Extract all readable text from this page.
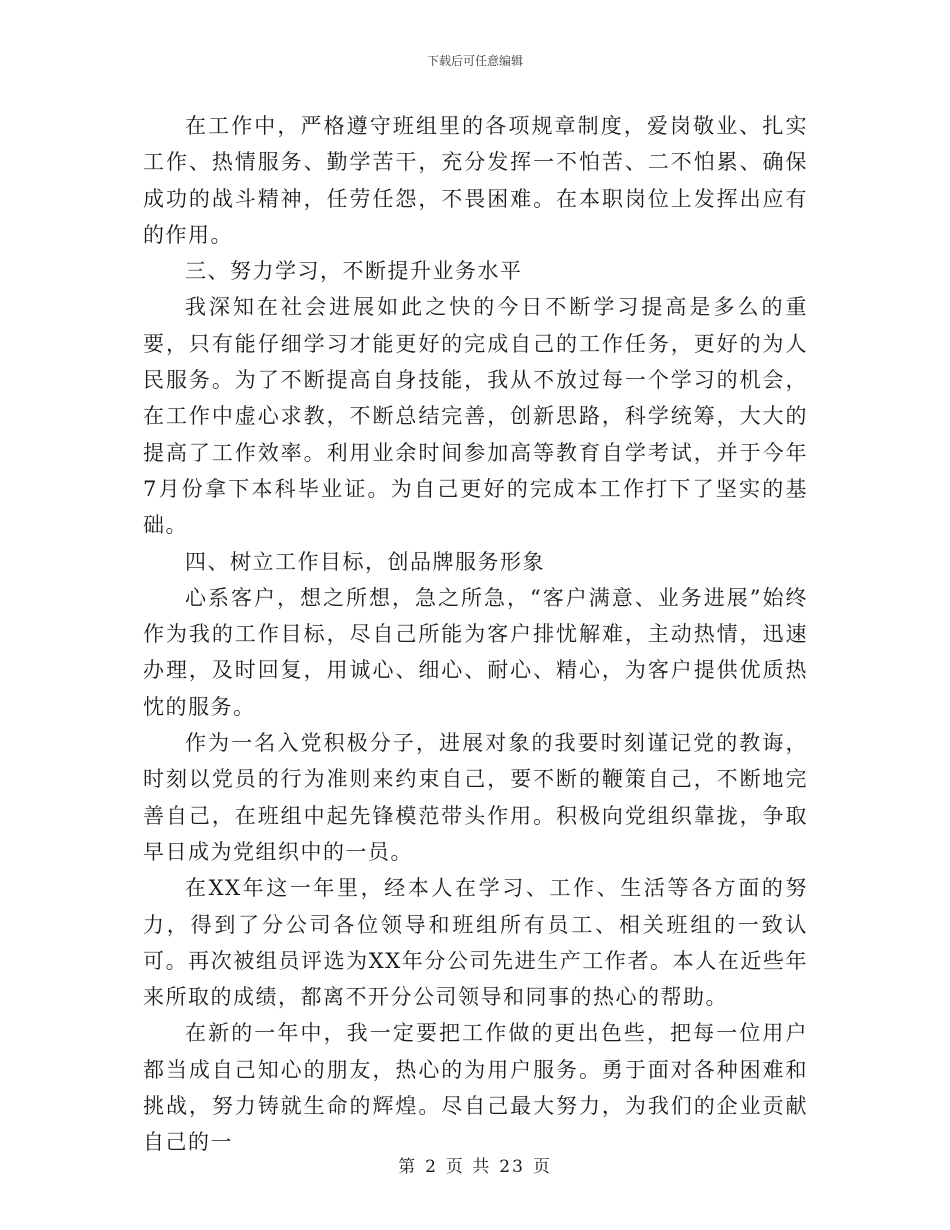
下载后可任意编辑

在工作中，严格遵守班组里的各项规章制度，爱岗敬业、扎实工作、热情服务、勤学苦干，充分发挥一不怕苦、二不怕累、确保成功的战斗精神，任劳任怨，不畏困难。在本职岗位上发挥出应有的作用。

三、努力学习，不断提升业务水平

我深知在社会进展如此之快的今日不断学习提高是多么的重要，只有能仔细学习才能更好的完成自己的工作任务，更好的为人民服务。为了不断提高自身技能，我从不放过每一个学习的机会，在工作中虚心求教，不断总结完善，创新思路，科学统筹，大大的提高了工作效率。利用业余时间参加高等教育自学考试，并于今年7月份拿下本科毕业证。为自己更好的完成本工作打下了坚实的基础。

四、树立工作目标，创品牌服务形象

心系客户，想之所想，急之所急，“客户满意、业务进展”始终作为我的工作目标，尽自己所能为客户排忧解难，主动热情，迅速办理，及时回复，用诚心、细心、耐心、精心，为客户提供优质热忱的服务。

作为一名入党积极分子，进展对象的我要时刻谨记党的教诲，时刻以党员的行为准则来约束自己，要不断的鞭策自己，不断地完善自己，在班组中起先锋模范带头作用。积极向党组织靠拢，争取早日成为党组织中的一员。

在XX年这一年里，经本人在学习、工作、生活等各方面的努力，得到了分公司各位领导和班组所有员工、相关班组的一致认可。再次被组员评选为XX年分公司先进生产工作者。本人在近些年来所取的成绩，都离不开分公司领导和同事的热心的帮助。

在新的一年中，我一定要把工作做的更出色些，把每一位用户都当成自己知心的朋友，热心的为用户服务。勇于面对各种困难和挑战，努力铸就生命的辉煌。尽自己最大努力，为我们的企业贡献自己的一

第 2 页 共 23 页
